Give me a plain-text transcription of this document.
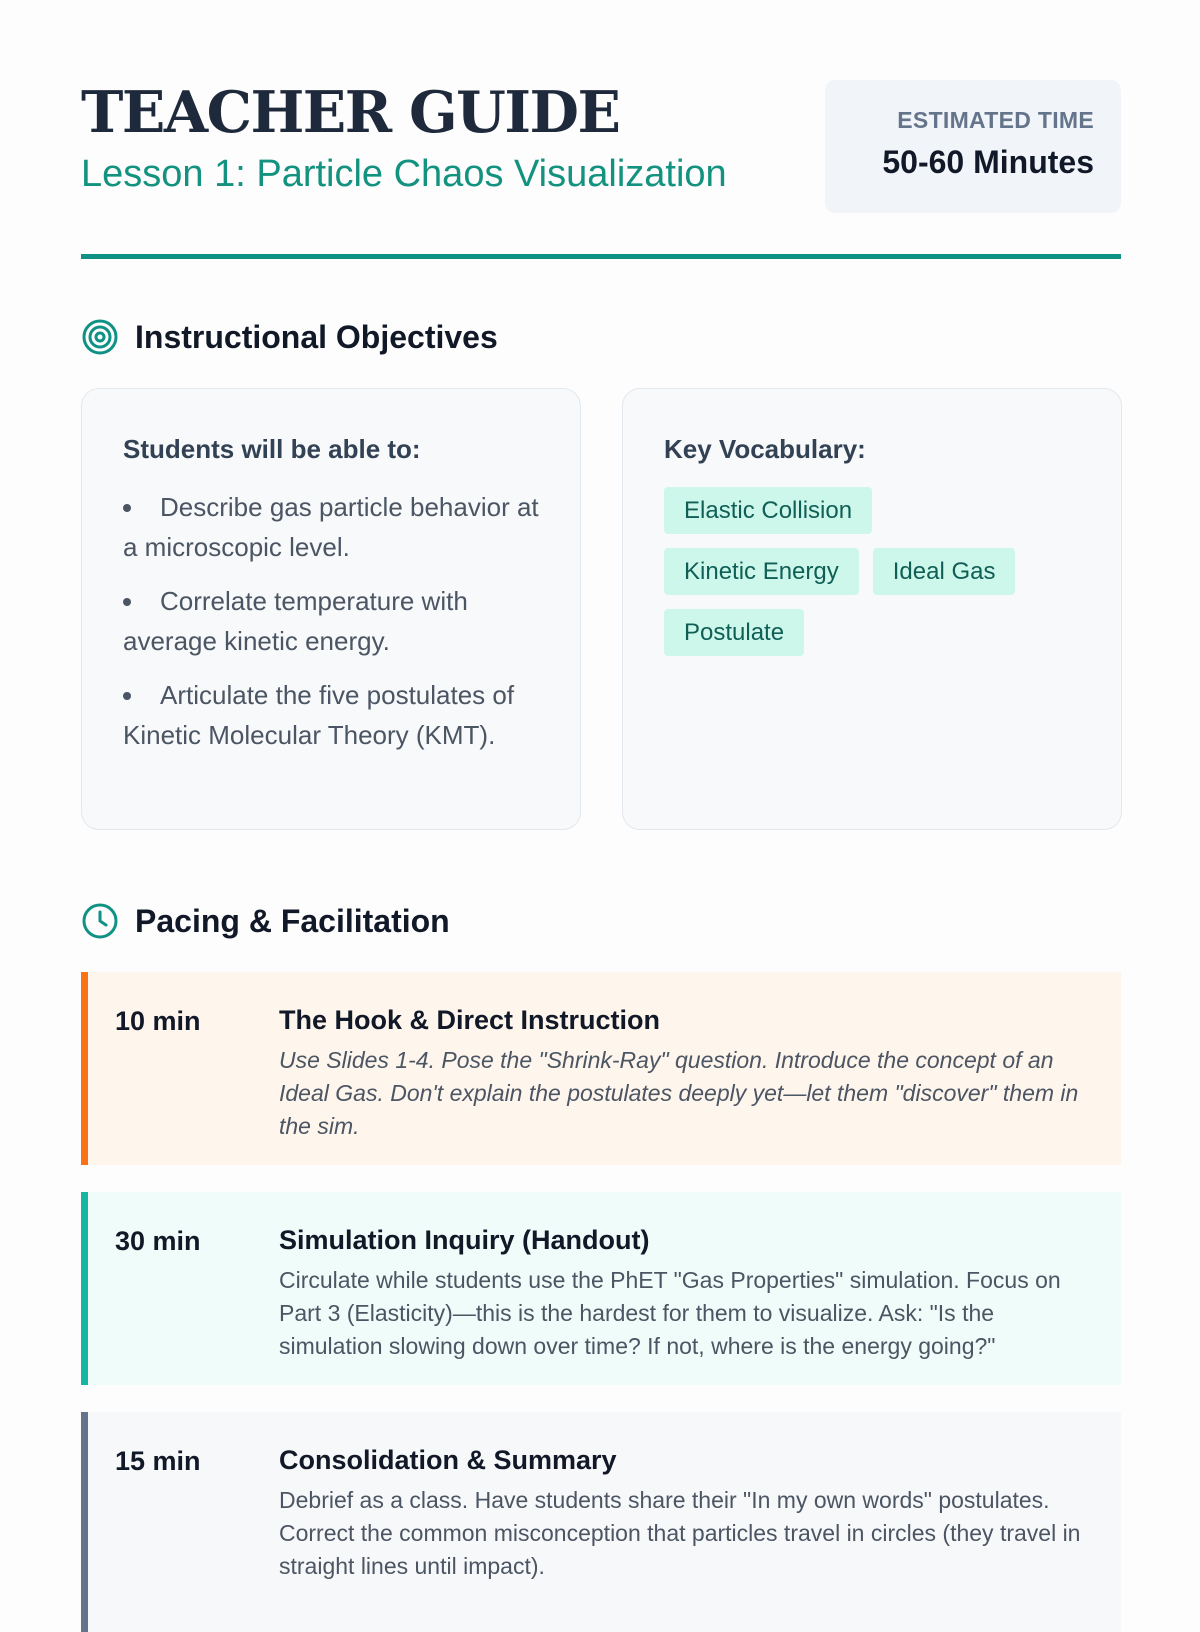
TEACHER GUIDE
Lesson 1: Particle Chaos Visualization
ESTIMATED TIME
50-60 Minutes
Instructional Objectives

Students will be able to:

Describe gas particle behavior at a microscopic level.
Correlate temperature with average kinetic energy.
Articulate the five postulates of Kinetic Molecular Theory (KMT).

Key Vocabulary:

Elastic Collision
Kinetic Energy	Ideal Gas
Postulate
Pacing & Facilitation
10 min	The Hook & Direct Instruction

Use Slides 1-4. Pose the "Shrink-Ray" question. Introduce the concept of an Ideal Gas. Don't explain the postulates deeply yet—let them "discover" them in the sim.

30 min	Simulation Inquiry (Handout)

Circulate while students use the PhET "Gas Properties" simulation. Focus on Part 3 (Elasticity)—this is the hardest for them to visualize. Ask: "Is the simulation slowing down over time? If not, where is the energy going?"

15 min	Consolidation & Summary

Debrief as a class. Have students share their "In my own words" postulates. Correct the common misconception that particles travel in circles (they travel in straight lines until impact).
